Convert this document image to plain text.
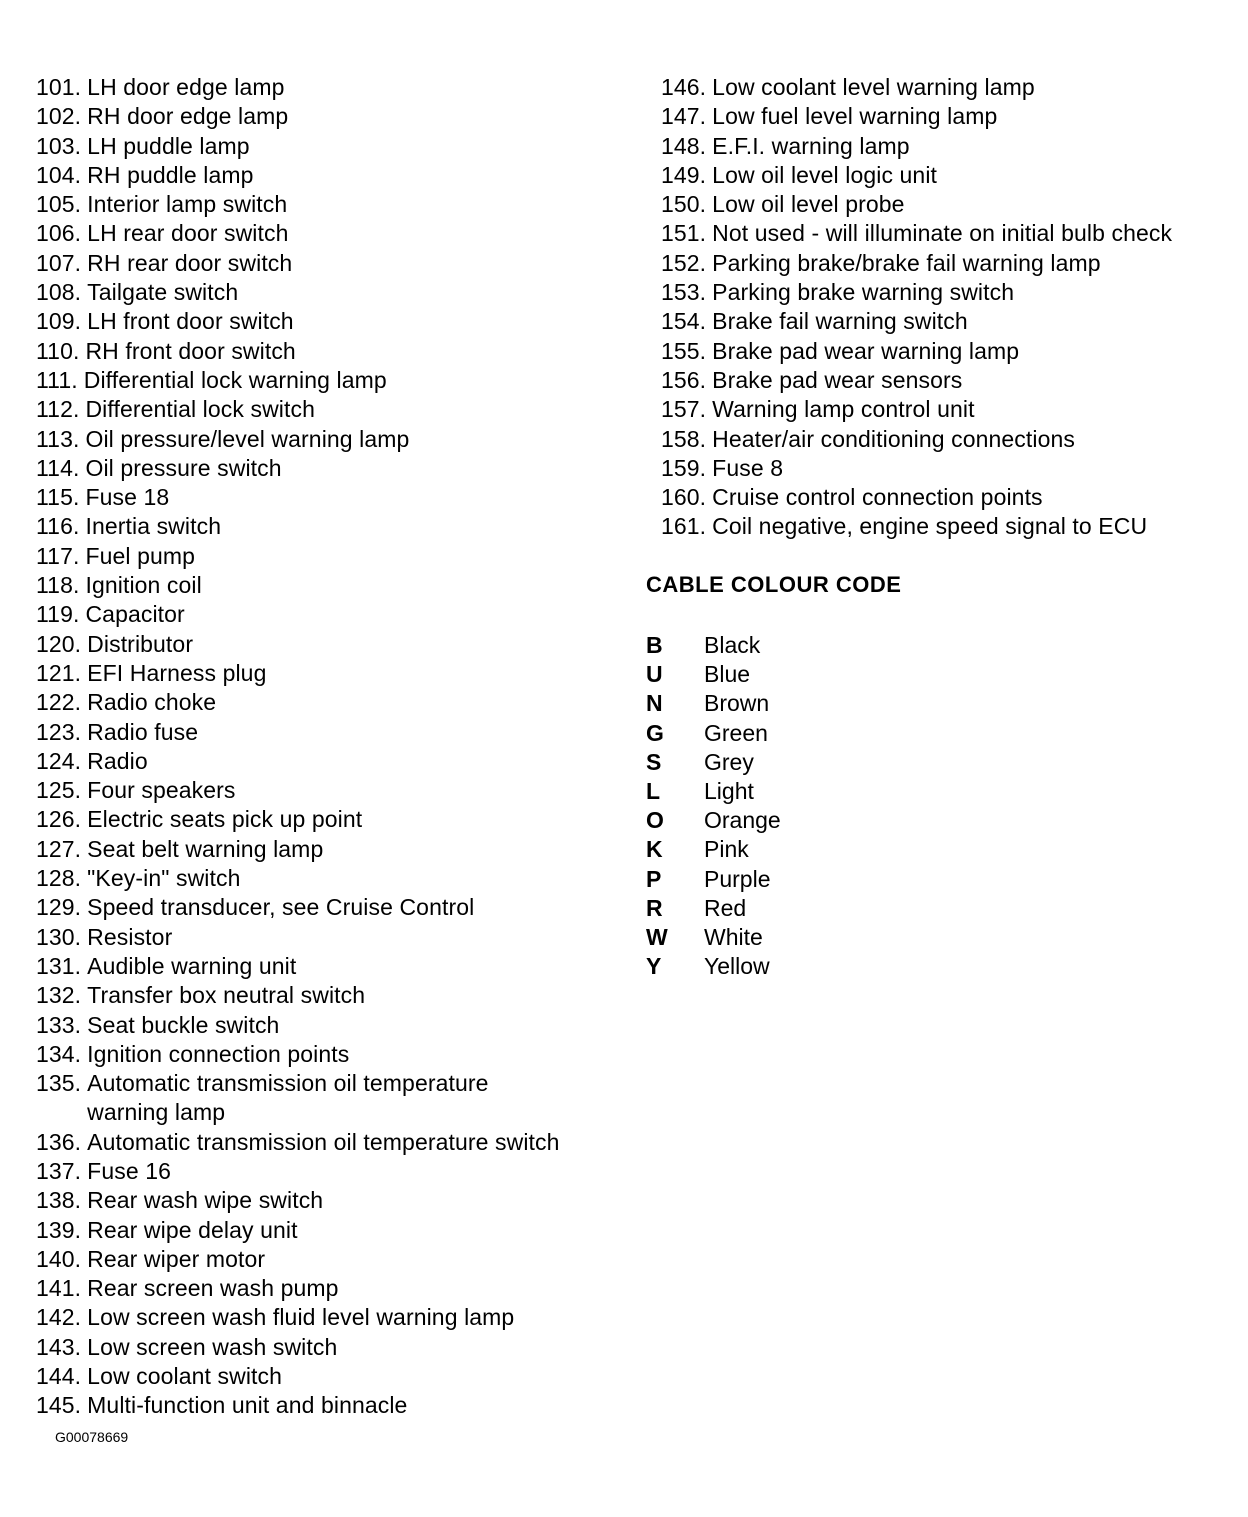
101. LH door edge lamp
102. RH door edge lamp
103. LH puddle lamp
104. RH puddle lamp
105. Interior lamp switch
106. LH rear door switch
107. RH rear door switch
108. Tailgate switch
109. LH front door switch
110. RH front door switch
111. Differential lock warning lamp
112. Differential lock switch
113. Oil pressure/level warning lamp
114. Oil pressure switch
115. Fuse 18
116. Inertia switch
117. Fuel pump
118. Ignition coil
119. Capacitor
120. Distributor
121. EFI Harness plug
122. Radio choke
123. Radio fuse
124. Radio
125. Four speakers
126. Electric seats pick up point
127. Seat belt warning lamp
128. "Key-in" switch
129. Speed transducer, see Cruise Control
130. Resistor
131. Audible warning unit
132. Transfer box neutral switch
133. Seat buckle switch
134. Ignition connection points
135. Automatic transmission oil temperature warning lamp
136. Automatic transmission oil temperature switch
137. Fuse 16
138. Rear wash wipe switch
139. Rear wipe delay unit
140. Rear wiper motor
141. Rear screen wash pump
142. Low screen wash fluid level warning lamp
143. Low screen wash switch
144. Low coolant switch
145. Multi-function unit and binnacle
146. Low coolant level warning lamp
147. Low fuel level warning lamp
148. E.F.I. warning lamp
149. Low oil level logic unit
150. Low oil level probe
151. Not used - will illuminate on initial bulb check
152. Parking brake/brake fail warning lamp
153. Parking brake warning switch
154. Brake fail warning switch
155. Brake pad wear warning lamp
156. Brake pad wear sensors
157. Warning lamp control unit
158. Heater/air conditioning connections
159. Fuse 8
160. Cruise control connection points
161. Coil negative, engine speed signal to ECU
CABLE COLOUR CODE
B	Black
U	Blue
N	Brown
G	Green
S	Grey
L	Light
O	Orange
K	Pink
P	Purple
R	Red
W	White
Y	Yellow
G00078669
